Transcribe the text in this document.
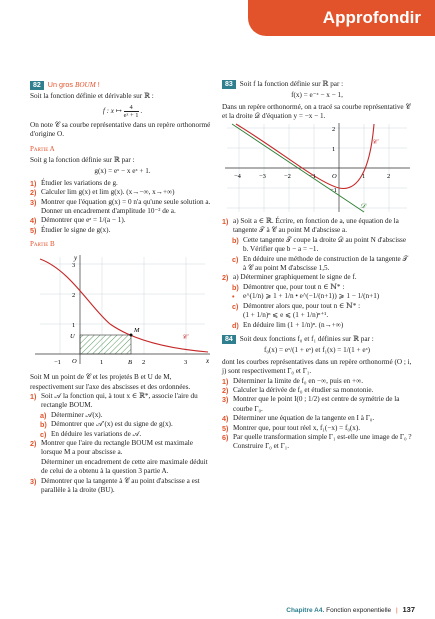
Approfondir
82 Un gros BOUM !
Soit la fonction définie et dérivable sur ℝ :
f : x ↦ $\frac{4}{\text{eˣ + 1}}$ .
On note 𝒞 sa courbe représentative dans un repère orthonormé d'origine O.
Partie A
Soit g la fonction définie sur ℝ par :
g(x) = eˣ − x eˣ + 1.
1) Étudier les variations de g.
2) Calculer lim g(x) et lim g(x). (x→−∞, x→+∞)
3) Montrer que l'équation g(x) = 0 n'a qu'une seule solution a.
Donner un encadrement d'amplitude 10⁻² de a.
4) Démontrer que eᵃ = 1/(a − 1).
5) Étudier le signe de g(x).
Partie B
y
x
3
2
1
U
M
𝒞
−1 O	1	B 2	3
Soit M un point de 𝒞 et les projetés B et U de M, respectivement sur l'axe des abscisses et des ordonnées.
1) Soit 𝒜 la fonction qui, à tout x ∈ ℝ*, associe l'aire du rectangle BOUM.
a) Déterminer 𝒜(x).
b) Démontrer que 𝒜′(x) est du signe de g(x).
c) En déduire les variations de 𝒜.
2) Montrer que l'aire du rectangle BOUM est maximale lorsque M a pour abscisse a.
Déterminer un encadrement de cette aire maximale déduit de celui de a obtenu à la question 3 partie A.
3) Démontrer que la tangente à 𝒞 au point d'abscisse a est parallèle à la droite (BU).
83 Soit f la fonction définie sur ℝ par :
f(x) = e⁻ˣ − x − 1,
Dans un repère orthonormé, on a tracé sa courbe représentative 𝒞 et la droite 𝒟 d'équation y = −x − 1.
2
1
−1
−4	−3	−2	−1 O	1	2
𝒞
𝒟
1) a) Soit a ∈ ℝ. Écrire, en fonction de a, une équation de la tangente 𝒯 à 𝒞 au point M d'abscisse a.
b) Cette tangente 𝒯 coupe la droite 𝒟 au point N d'abscisse b. Vérifier que b − a = −1.
c) En déduire une méthode de construction de la tangente 𝒯 à 𝒞 au point M d'abscisse 1,5.
2) a) Déterminer graphiquement le signe de f.
b) Démontrer que, pour tout n ∈ ℕ* :
•	e^(1/n) ⩾ 1 + 1/n • e^(−1/(n+1)) ⩾ 1 − 1/(n+1)
c) Démontrer alors que, pour tout n ∈ ℕ* :
(1 + 1/n)ⁿ ⩽ e ⩽ (1 + 1/n)ⁿ⁺¹.
d) En déduire lim (1 + 1/n)ⁿ. (n→+∞)
84 Soit deux fonctions f₀ et f₁ définies sur ℝ par :
f₀(x) = eˣ/(1 + eˣ) et f₁(x) = 1/(1 + eˣ)
dont les courbes représentatives dans un repère orthonormé (O ; i, j) sont respectivement Γ₀ et Γ₁.
1) Déterminer la limite de f₀ en −∞, puis en +∞.
2) Calculer la dérivée de f₀ et étudier sa monotonie.
3) Montrer que le point I(0 ; 1/2) est centre de symétrie de la courbe Γ₀.
4) Déterminer une équation de la tangente en I à Γ₀.
5) Montrer que, pour tout réel x, f₁(−x) = f₀(x).
6) Par quelle transformation simple Γ₁ est-elle une image de Γ₀ ? Construire Γ₀ et Γ₁.
Chapitre A4. Fonction exponentielle | 137
